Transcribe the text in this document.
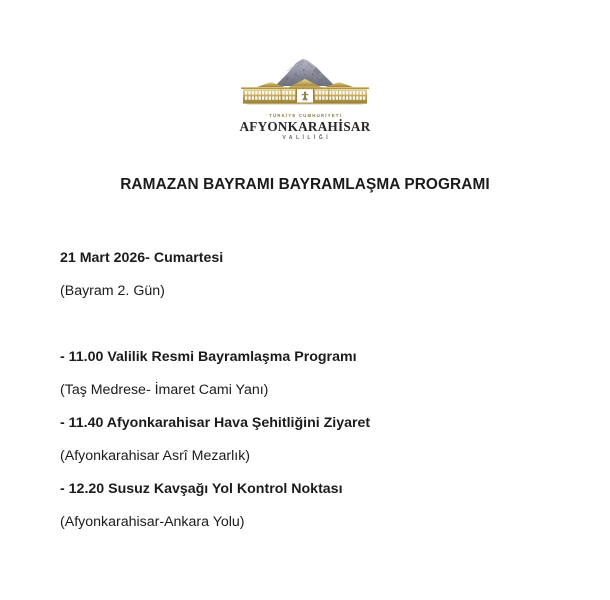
TÜRKİYE CUMHURİYETİ
AFYONKARAHİSAR
VALİLİĞİ
RAMAZAN BAYRAMI BAYRAMLAŞMA PROGRAMI
21 Mart 2026- Cumartesi
(Bayram 2. Gün)
- 11.00 Valilik Resmi Bayramlaşma Programı
(Taş Medrese- İmaret Cami Yanı)
- 11.40 Afyonkarahisar Hava Şehitliğini Ziyaret
(Afyonkarahisar Asrî Mezarlık)
- 12.20 Susuz Kavşağı Yol Kontrol Noktası
(Afyonkarahisar-Ankara Yolu)
